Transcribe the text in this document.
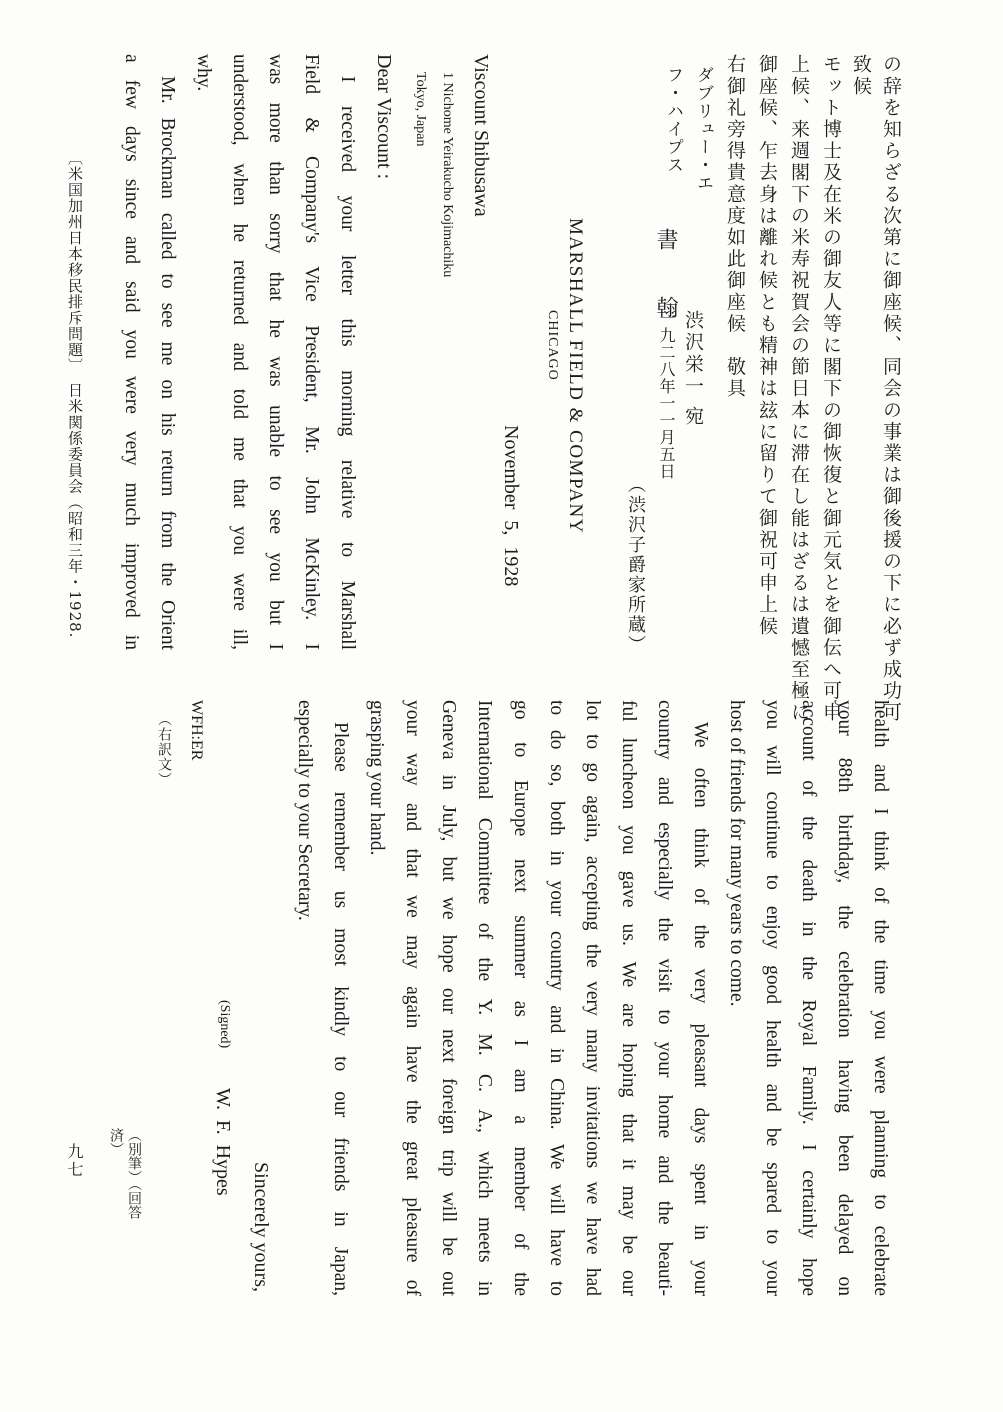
の辞を知らざる次第に御座候、同会の事業は御後援の下に必ず成功可
致候
モット博士及在米の御友人等に閣下の御恢復と御元気とを御伝へ可申
上候、来週閣下の米寿祝賀会の節日本に滞在し能はざるは遺憾至極に
御座候、乍去身は離れ候とも精神は玆に留りて御祝可申上候
右御礼旁得貴意度如此御座候　敬具
渋沢栄一
宛
一九二八年一一月五日
ダブリュー・エフ・ハイプス
（渋沢子爵家所蔵）
書　翰
MARSHALL FIELD & COMPANY
CHICAGO
November 5, 1928
Viscount Shibusawa
1 Nichome Yeirakucho Kojimachiku
Tokyo, Japan
Dear Viscount :
I received your letter this morning relative to Marshall
Field & Company's Vice President, Mr. John McKinley. I
was more than sorry that he was unable to see you but I
understood, when he returned and told me that you were ill,
why.
Mr. Brockman called to see me on his return from the Orient
a few days since and said you were very much improved in
health and I think of the time you were planning to celebrate
your 88th birthday, the celebration having been delayed on
account of the death in the Royal Family. I certainly hope
you will continue to enjoy good health and be spared to your
host of friends for many years to come.
We often think of the very pleasant days spent in your
country and especially the visit to your home and the beauti-
ful luncheon you gave us. We are hoping that it may be our
lot to go again, accepting the very many invitations we have had
to do so, both in your country and in China. We will have to
go to Europe next summer as I am a member of the
International Committee of the Y. M. C. A., which meets in
Geneva in July, but we hope our next foreign trip will be out
your way and that we may again have the great pleasure of
grasping your hand.
Please remember us most kindly to our friends in Japan,
especially to your Secretary.
Sincerely yours,
(Signed)
W. F. Hypes
WFH:ER
（右訳文）
（別筆）（回答済）
〔米国加州日本移民排斥問題〕　日米関係委員会（昭和三年・1928.
九七
